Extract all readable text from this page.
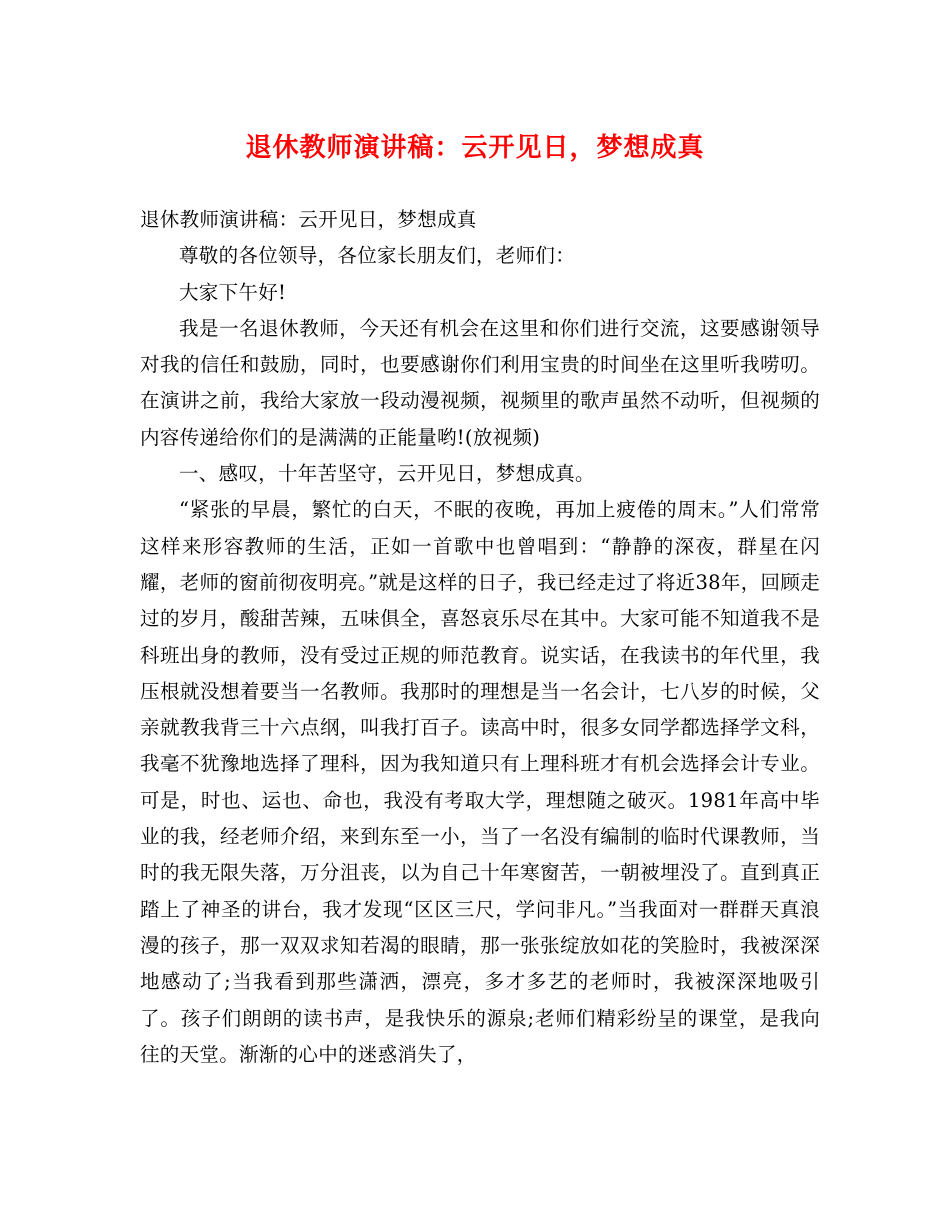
退休教师演讲稿：云开见日，梦想成真

退休教师演讲稿：云开见日，梦想成真

尊敬的各位领导，各位家长朋友们，老师们：

大家下午好!

我是一名退休教师，今天还有机会在这里和你们进行交流，这要感谢领导对我的信任和鼓励，同时，也要感谢你们利用宝贵的时间坐在这里听我唠叨。在演讲之前，我给大家放一段动漫视频，视频里的歌声虽然不动听，但视频的内容传递给你们的是满满的正能量哟!(放视频)

一、感叹，十年苦坚守，云开见日，梦想成真。

“紧张的早晨，繁忙的白天，不眠的夜晚，再加上疲倦的周末。”人们常常这样来形容教师的生活，正如一首歌中也曾唱到：“静静的深夜，群星在闪耀，老师的窗前彻夜明亮。”就是这样的日子，我已经走过了将近38年，回顾走过的岁月，酸甜苦辣，五味俱全，喜怒哀乐尽在其中。大家可能不知道我不是科班出身的教师，没有受过正规的师范教育。说实话，在我读书的年代里，我压根就没想着要当一名教师。我那时的理想是当一名会计，七八岁的时候，父亲就教我背三十六点纲，叫我打百子。读高中时，很多女同学都选择学文科，我毫不犹豫地选择了理科，因为我知道只有上理科班才有机会选择会计专业。可是，时也、运也、命也，我没有考取大学，理想随之破灭。1981年高中毕业的我，经老师介绍，来到东至一小，当了一名没有编制的临时代课教师，当时的我无限失落，万分沮丧，以为自己十年寒窗苦，一朝被埋没了。直到真正踏上了神圣的讲台，我才发现“区区三尺，学问非凡。”当我面对一群群天真浪漫的孩子，那一双双求知若渴的眼睛，那一张张绽放如花的笑脸时，我被深深地感动了;当我看到那些潇洒，漂亮，多才多艺的老师时，我被深深地吸引了。孩子们朗朗的读书声，是我快乐的源泉;老师们精彩纷呈的课堂，是我向往的天堂。渐渐的心中的迷惑消失了，
